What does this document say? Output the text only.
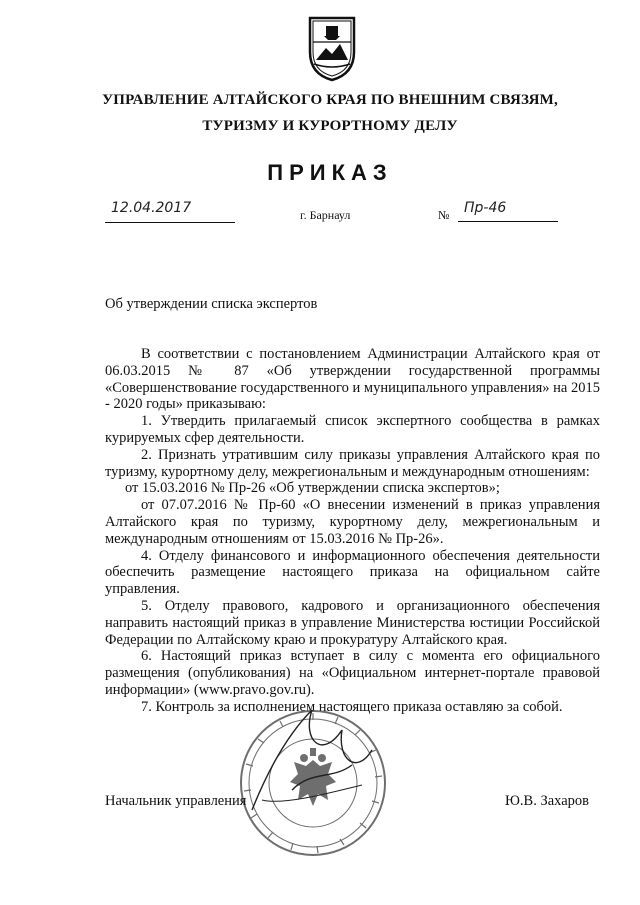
УПРАВЛЕНИЕ АЛТАЙСКОГО КРАЯ ПО ВНЕШНИМ СВЯЗЯМ,
ТУРИЗМУ И КУРОРТНОМУ ДЕЛУ
ПРИКАЗ
12.04.2017	г. Барнаул	№ Пр-46
Об утверждении списка экспертов

В соответствии с постановлением Администрации Алтайского края от 06.03.2015 № 87 «Об утверждении государственной программы «Совершенствование государственного и муниципального управления» на 2015 - 2020 годы» приказываю:

1. Утвердить прилагаемый список экспертного сообщества в рамках курируемых сфер деятельности.

2. Признать утратившим силу приказы управления Алтайского края по туризму, курортному делу, межрегиональным и международным отношениям:

от 15.03.2016 № Пр-26 «Об утверждении списка экспертов»;

от 07.07.2016 № Пр-60 «О внесении изменений в приказ управления Алтайского края по туризму, курортному делу, межрегиональным и международным отношениям от 15.03.2016 № Пр-26».

4. Отделу финансового и информационного обеспечения деятельности обеспечить размещение настоящего приказа на официальном сайте управления.

5. Отделу правового, кадрового и организационного обеспечения направить настоящий приказ в управление Министерства юстиции Российской Федерации по Алтайскому краю и прокуратуру Алтайского края.

6. Настоящий приказ вступает в силу с момента его официального размещения (опубликования) на «Официальном интернет-портале правовой информации» (www.pravo.gov.ru).

7. Контроль за исполнением настоящего приказа оставляю за собой.

Начальник управления	Ю.В. Захаров
